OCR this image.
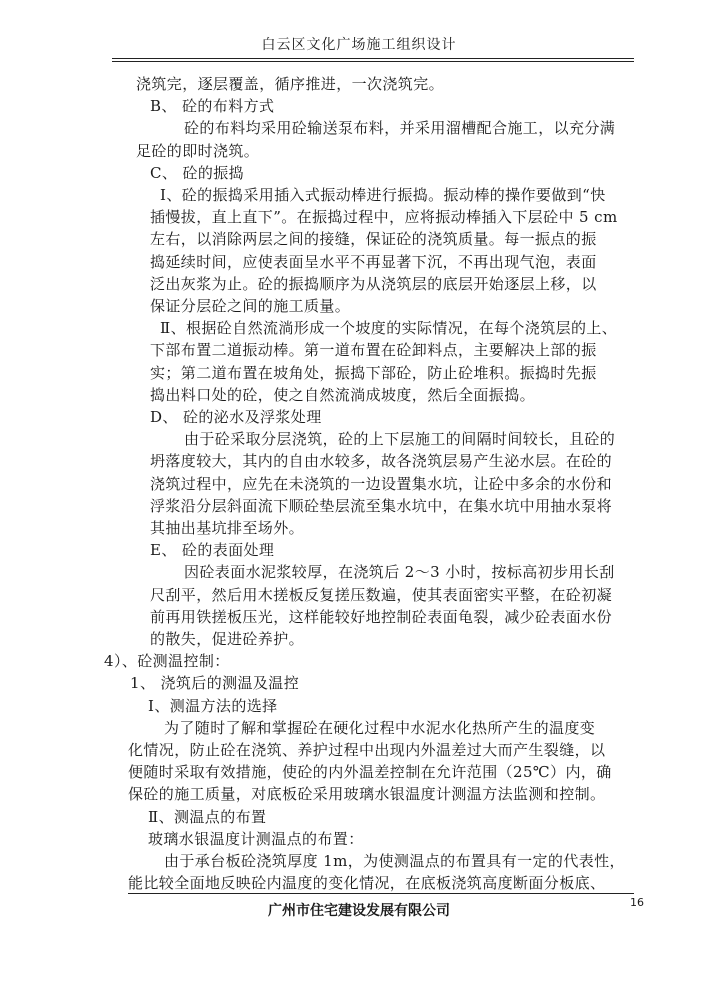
白云区文化广场施工组织设计
浇筑完，逐层覆盖，循序推进，一次浇筑完。
B、 砼的布料方式
砼的布料均采用砼输送泵布料，并采用溜槽配合施工，以充分满
足砼的即时浇筑。
C、 砼的振捣
Ⅰ、砼的振捣采用插入式振动棒进行振捣。振动棒的操作要做到“快
插慢拔，直上直下”。在振捣过程中，应将振动棒插入下层砼中 5 cm
左右，以消除两层之间的接缝，保证砼的浇筑质量。每一振点的振
捣延续时间，应使表面呈水平不再显著下沉，不再出现气泡，表面
泛出灰浆为止。砼的振捣顺序为从浇筑层的底层开始逐层上移，以
保证分层砼之间的施工质量。
Ⅱ、根据砼自然流淌形成一个坡度的实际情况，在每个浇筑层的上、
下部布置二道振动棒。第一道布置在砼卸料点，主要解决上部的振
实；第二道布置在坡角处，振捣下部砼，防止砼堆积。振捣时先振
捣出料口处的砼，使之自然流淌成坡度，然后全面振捣。
D、 砼的泌水及浮浆处理
由于砼采取分层浇筑，砼的上下层施工的间隔时间较长，且砼的
坍落度较大，其内的自由水较多，故各浇筑层易产生泌水层。在砼的
浇筑过程中，应先在未浇筑的一边设置集水坑，让砼中多余的水份和
浮浆沿分层斜面流下顺砼垫层流至集水坑中，在集水坑中用抽水泵将
其抽出基坑排至场外。
E、 砼的表面处理
因砼表面水泥浆较厚，在浇筑后 2～3 小时，按标高初步用长刮
尺刮平，然后用木搓板反复搓压数遍，使其表面密实平整，在砼初凝
前再用铁搓板压光，这样能较好地控制砼表面龟裂，减少砼表面水份
的散失，促进砼养护。
4）、砼测温控制：
1、 浇筑后的测温及温控
Ⅰ、测温方法的选择
为了随时了解和掌握砼在硬化过程中水泥水化热所产生的温度变
化情况，防止砼在浇筑、养护过程中出现内外温差过大而产生裂缝，以
便随时采取有效措施，使砼的内外温差控制在允许范围（25℃）内，确
保砼的施工质量，对底板砼采用玻璃水银温度计测温方法监测和控制。
Ⅱ、测温点的布置
广州市住宅建设发展有限公司
16
玻璃水银温度计测温点的布置：
由于承台板砼浇筑厚度 1m，为使测温点的布置具有一定的代表性，
能比较全面地反映砼内温度的变化情况，在底板浇筑高度断面分板底、
